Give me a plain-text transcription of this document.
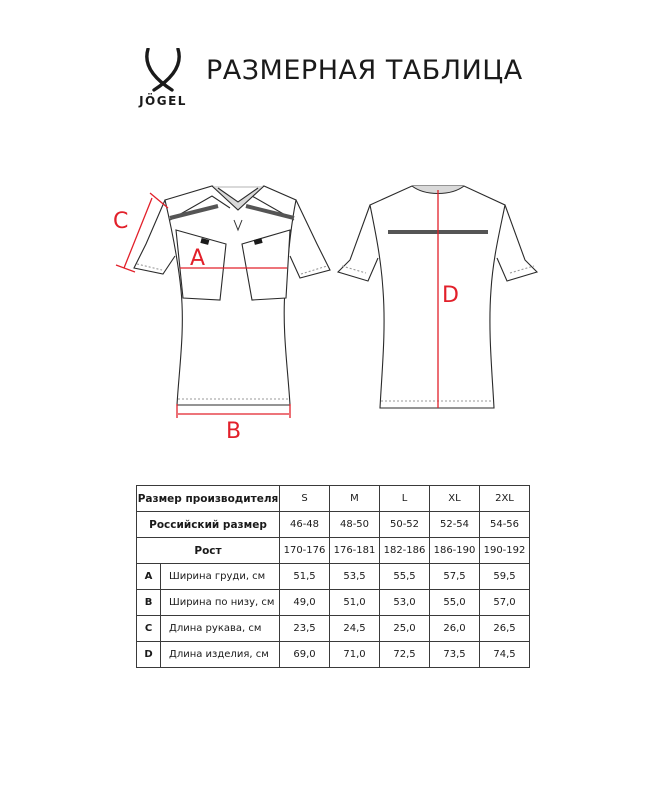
JÖGEL
РАЗМЕРНАЯ ТАБЛИЦА
C
A
B
D
Размер производителя		S	M	L	XL	2XL
Российский размер		46-48	48-50	50-52	52-54	54-56
Рост		170-176	176-181	182-186	186-190	190-192
A	Ширина груди, см	51,5	53,5	55,5	57,5	59,5
B	Ширина по низу, см	49,0	51,0	53,0	55,0	57,0
C	Длина рукава, см	23,5	24,5	25,0	26,0	26,5
D	Длина изделия, см	69,0	71,0	72,5	73,5	74,5
